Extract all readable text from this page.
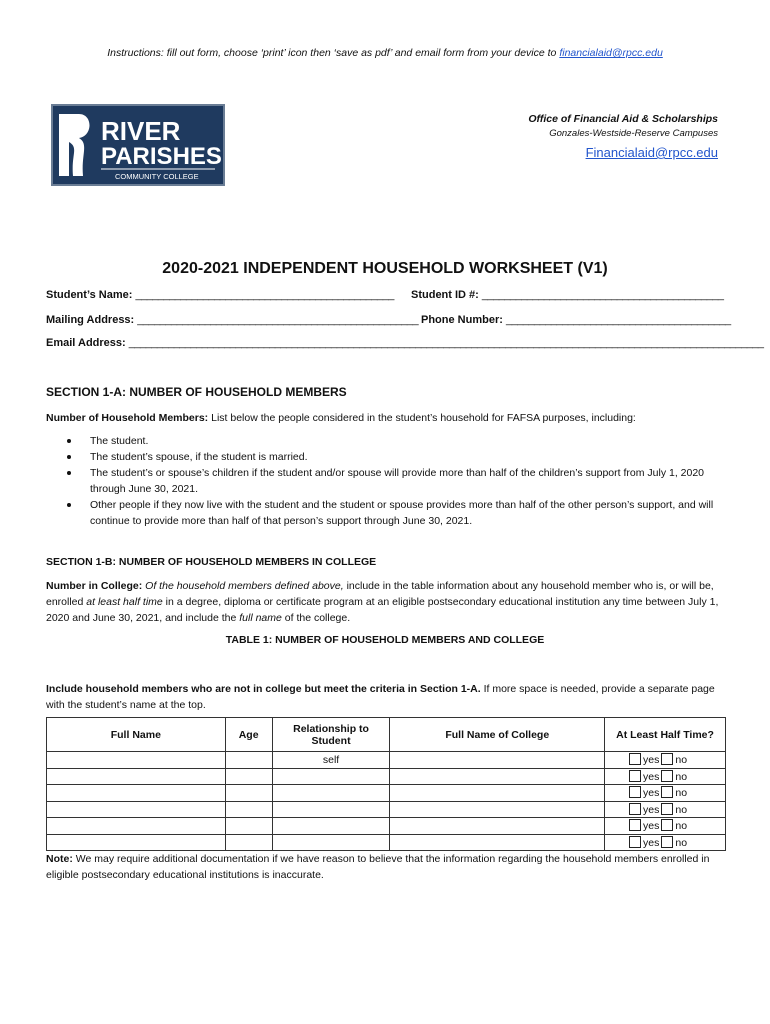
Instructions: fill out form, choose ‘print’ icon then ‘save as pdf’ and email form from your device to financialaid@rpcc.edu
RIVER
PARISHES
COMMUNITY COLLEGE
Office of Financial Aid & Scholarships
Gonzales-Westside-Reserve Campuses
Financialaid@rpcc.edu
2020-2021 INDEPENDENT HOUSEHOLD WORKSHEET (V1)
Student’s Name: ______________________________________________ Student ID #: ___________________________________________
Mailing Address: __________________________________________________ Phone Number: ________________________________________
Email Address: _________________________________________________________________________________________________________________
SECTION 1-A: NUMBER OF HOUSEHOLD MEMBERS
Number of Household Members: List below the people considered in the student’s household for FAFSA purposes, including:
The student.
The student’s spouse, if the student is married.
The student’s or spouse’s children if the student and/or spouse will provide more than half of the children’s support from July 1, 2020 through June 30, 2021.
Other people if they now live with the student and the student or spouse provides more than half of the other person’s support, and will continue to provide more than half of that person’s support through June 30, 2021.
SECTION 1-B: NUMBER OF HOUSEHOLD MEMBERS IN COLLEGE
Number in College: Of the household members defined above, include in the table information about any household member who is, or will be, enrolled at least half time in a degree, diploma or certificate program at an eligible postsecondary educational institution any time between July 1, 2020 and June 30, 2021, and include the full name of the college.
TABLE 1: NUMBER OF HOUSEHOLD MEMBERS AND COLLEGE
Include household members who are not in college but meet the criteria in Section 1-A. If more space is needed, provide a separate page with the student’s name at the top.
Full Name	Age	Relationship to Student	Full Name of College	At Least Half Time?
		self		yes no
				yes no
				yes no
				yes no
				yes no
				yes no
Note: We may require additional documentation if we have reason to believe that the information regarding the household members enrolled in eligible postsecondary educational institutions is inaccurate.
